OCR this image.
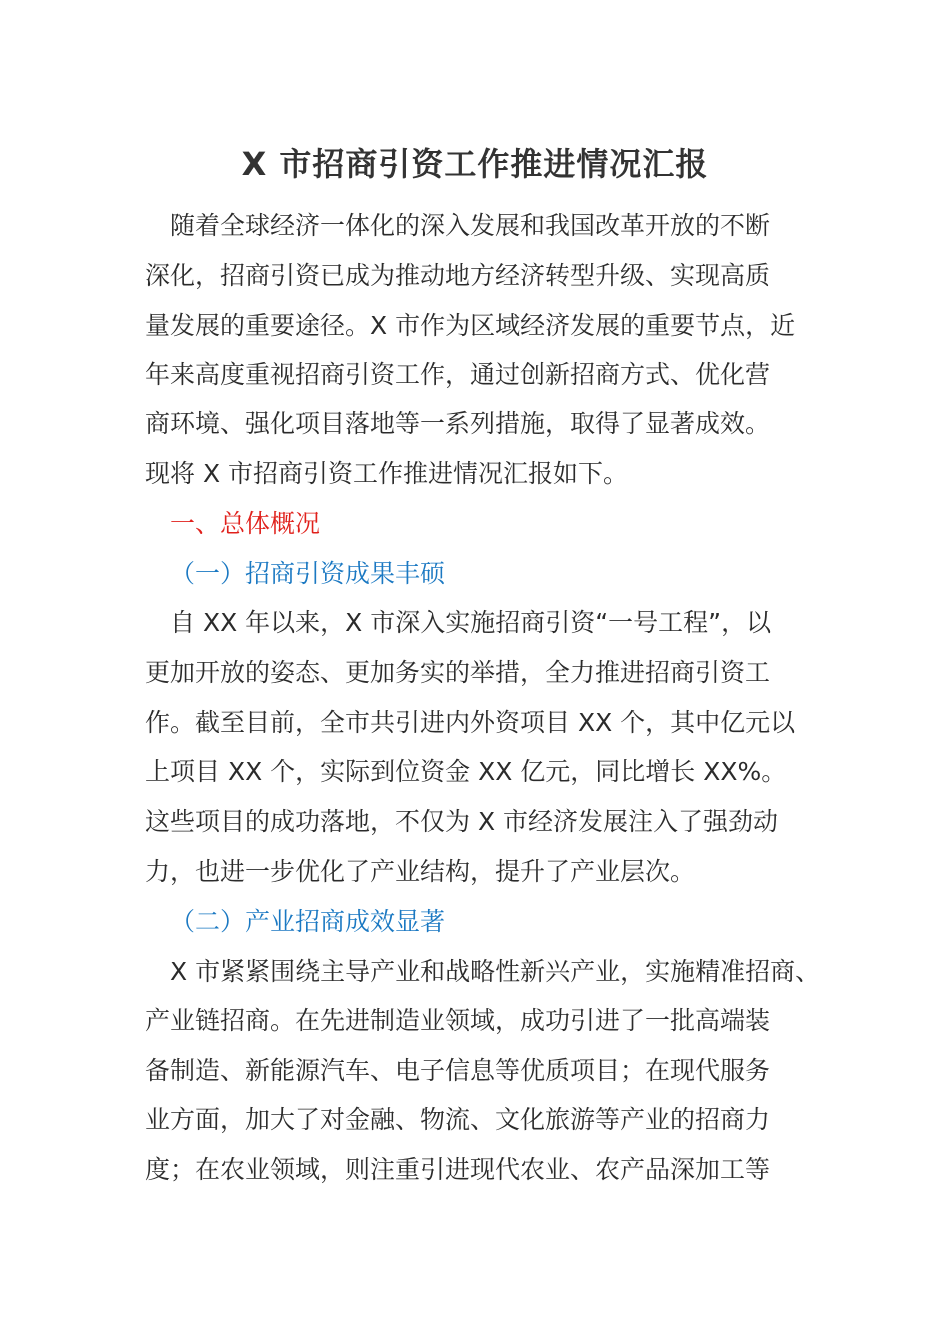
X 市招商引资工作推进情况汇报
随着全球经济一体化的深入发展和我国改革开放的不断
深化，招商引资已成为推动地方经济转型升级、实现高质
量发展的重要途径。X 市作为区域经济发展的重要节点，近
年来高度重视招商引资工作，通过创新招商方式、优化营
商环境、强化项目落地等一系列措施，取得了显著成效。
现将 X 市招商引资工作推进情况汇报如下。
一、总体概况
（一）招商引资成果丰硕
自 XX 年以来，X 市深入实施招商引资“一号工程”，以
更加开放的姿态、更加务实的举措，全力推进招商引资工
作。截至目前，全市共引进内外资项目 XX 个，其中亿元以
上项目 XX 个，实际到位资金 XX 亿元，同比增长 XX%。
这些项目的成功落地，不仅为 X 市经济发展注入了强劲动
力，也进一步优化了产业结构，提升了产业层次。
（二）产业招商成效显著
X 市紧紧围绕主导产业和战略性新兴产业，实施精准招商、
产业链招商。在先进制造业领域，成功引进了一批高端装
备制造、新能源汽车、电子信息等优质项目；在现代服务
业方面，加大了对金融、物流、文化旅游等产业的招商力
度；在农业领域，则注重引进现代农业、农产品深加工等
